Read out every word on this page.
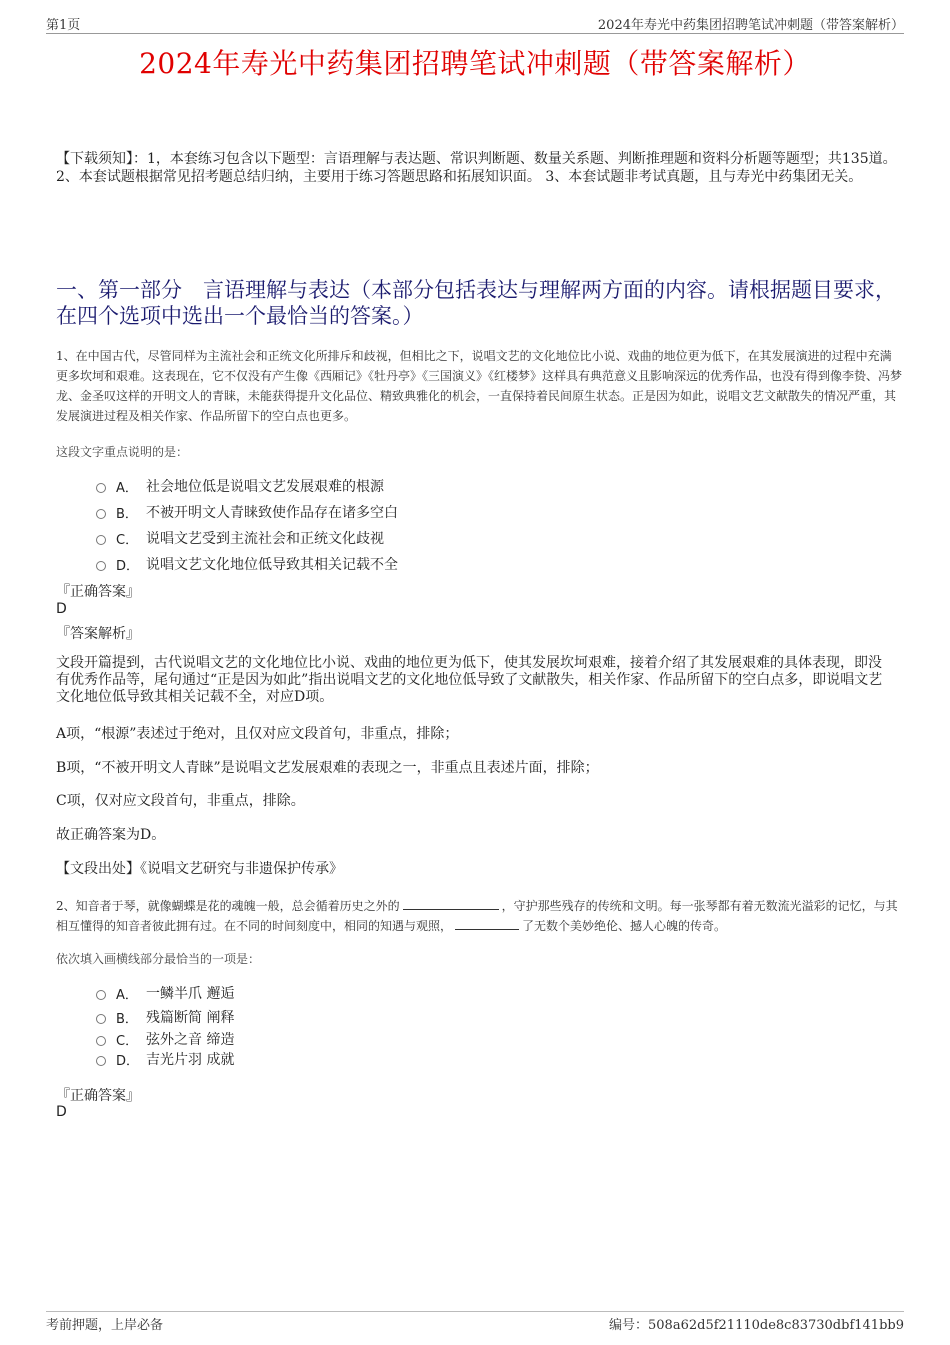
第1页	2024年寿光中药集团招聘笔试冲刺题（带答案解析）
2024年寿光中药集团招聘笔试冲刺题（带答案解析）
【下载须知】：1，本套练习包含以下题型：言语理解与表达题、常识判断题、数量关系题、判断推理题和资料分析题等题型；共135道。 2、本套试题根据常见招考题总结归纳，主要用于练习答题思路和拓展知识面。 3、本套试题非考试真题，且与寿光中药集团无关。
一、第一部分　言语理解与表达（本部分包括表达与理解两方面的内容。请根据题目要求，在四个选项中选出一个最恰当的答案。）
1、在中国古代，尽管同样为主流社会和正统文化所排斥和歧视，但相比之下，说唱文艺的文化地位比小说、戏曲的地位更为低下，在其发展演进的过程中充满更多坎坷和艰难。这表现在，它不仅没有产生像《西厢记》《牡丹亭》《三国演义》《红楼梦》这样具有典范意义且影响深远的优秀作品，也没有得到像李贽、冯梦龙、金圣叹这样的开明文人的青睐，未能获得提升文化品位、精致典雅化的机会，一直保持着民间原生状态。正是因为如此，说唱文艺文献散失的情况严重，其发展演进过程及相关作家、作品所留下的空白点也更多。
这段文字重点说明的是：
A． 社会地位低是说唱文艺发展艰难的根源
B． 不被开明文人青睐致使作品存在诸多空白
C． 说唱文艺受到主流社会和正统文化歧视
D． 说唱文艺文化地位低导致其相关记载不全
『正确答案』
D
『答案解析』
文段开篇提到，古代说唱文艺的文化地位比小说、戏曲的地位更为低下，使其发展坎坷艰难，接着介绍了其发展艰难的具体表现，即没有优秀作品等，尾句通过“正是因为如此”指出说唱文艺的文化地位低导致了文献散失，相关作家、作品所留下的空白点多，即说唱文艺文化地位低导致其相关记载不全，对应D项。
A项，“根源”表述过于绝对，且仅对应文段首句，非重点，排除；
B项，“不被开明文人青睐”是说唱文艺发展艰难的表现之一，非重点且表述片面，排除；
C项，仅对应文段首句，非重点，排除。
故正确答案为D。
【文段出处】《说唱文艺研究与非遗保护传承》
2、知音者于琴，就像蝴蝶是花的魂魄一般，总会循着历史之外的	，守护那些残存的传统和文明。每一张琴都有着无数流光溢彩的记忆，与其相互懂得的知音者彼此拥有过。在不同的时间刻度中，相同的知遇与观照，	了无数个美妙绝伦、撼人心魄的传奇。
依次填入画横线部分最恰当的一项是：
A． 一鳞半爪 邂逅
B． 残篇断简 阐释
C． 弦外之音 缔造
D． 吉光片羽 成就
『正确答案』
D
考前押题，上岸必备	编号：508a62d5f21110de8c83730dbf141bb9
